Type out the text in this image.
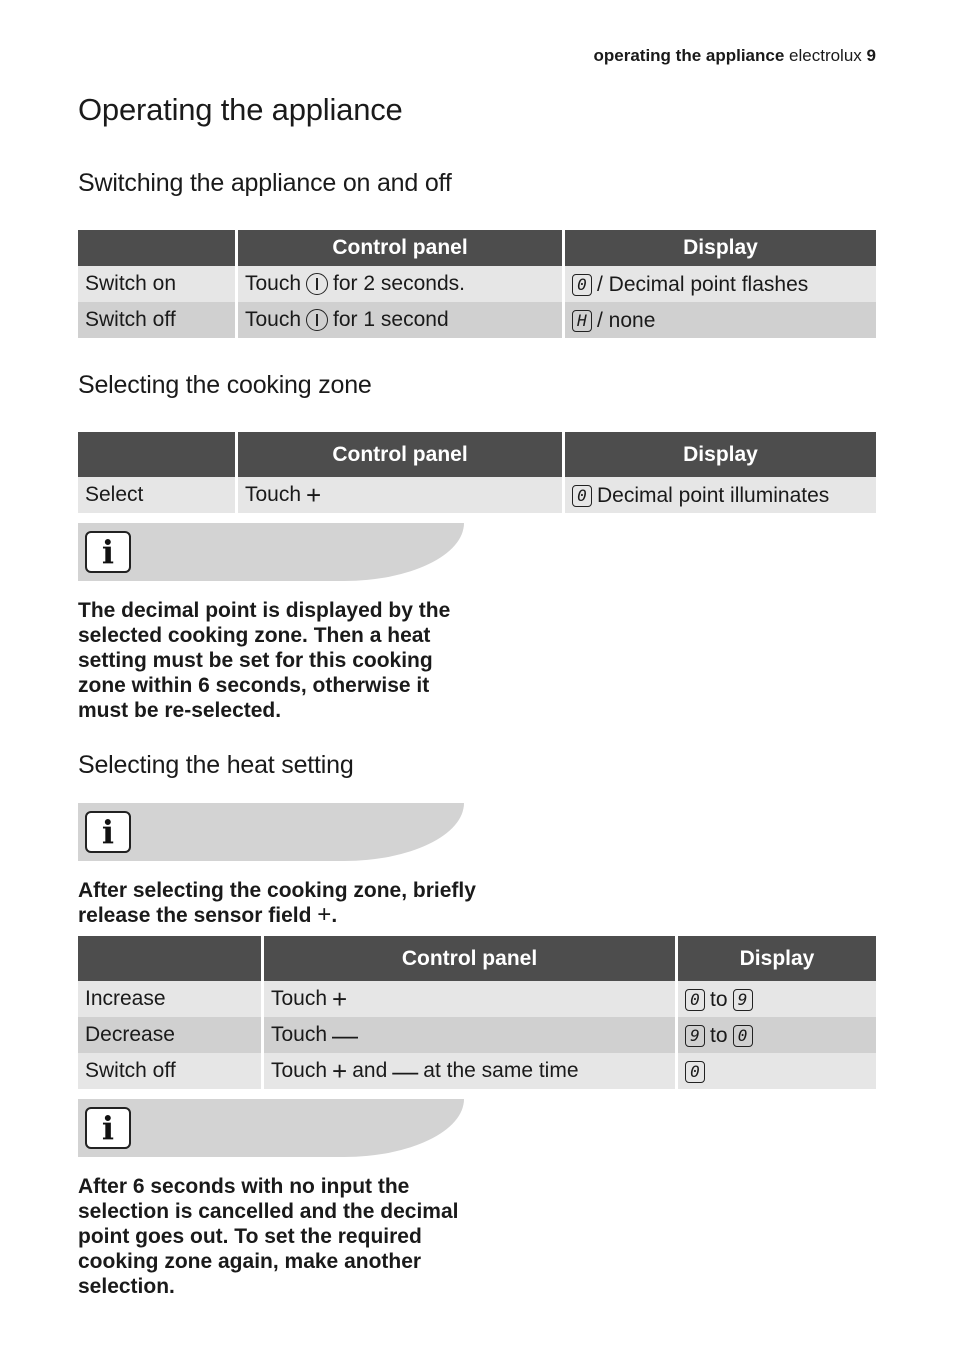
operating the appliance electrolux 9
Operating the appliance
Switching the appliance on and off
	Control panel	Display
Switch on	Touch for 2 seconds.	0 / Decimal point flashes

Switch off	Touch for 1 second	H / none
Selecting the cooking zone
	Control panel	Display
Select	Touch +	0 Decimal point illuminates
i

The decimal point is displayed by the selected cooking zone. Then a heat setting must be set for this cooking zone within 6 seconds, otherwise it must be re-selected.

Selecting the heat setting
i

After selecting the cooking zone, briefly release the sensor field +.

	Control panel	Display
Increase	Touch +	0 to 9

Decrease	Touch —	9 to 0

Switch off	Touch + and — at the same time	0
i

After 6 seconds with no input the selection is cancelled and the decimal point goes out. To set the required cooking zone again, make another selection.
